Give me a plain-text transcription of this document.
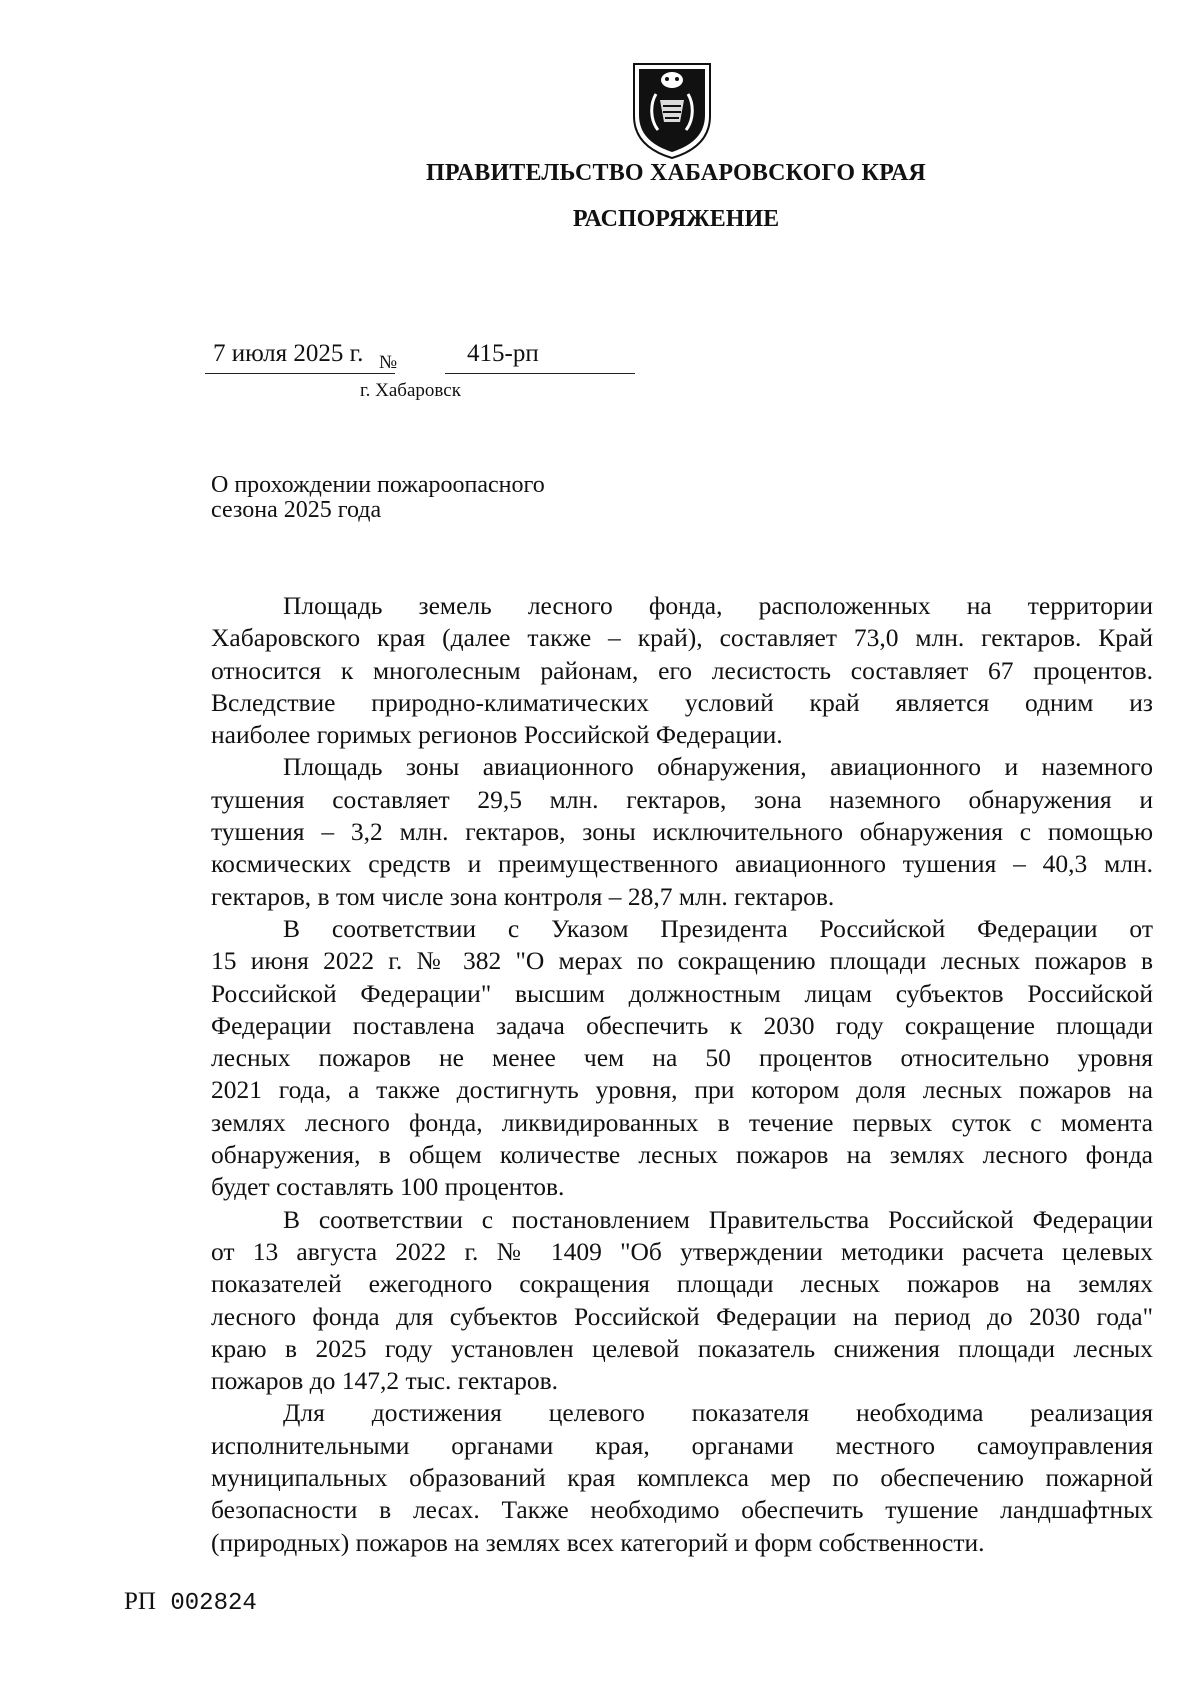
ПРАВИТЕЛЬСТВО ХАБАРОВСКОГО КРАЯ
РАСПОРЯЖЕНИЕ
7 июля 2025 г. №	415-рп
г. Хабаровск
О прохождении пожароопасного
сезона 2025 года
Площадь земель лесного фонда, расположенных на территории
Хабаровского края (далее также – край), составляет 73,0 млн. гектаров. Край
относится к многолесным районам, его лесистость составляет 67 процентов.
Вследствие природно-климатических условий край является одним из
наиболее горимых регионов Российской Федерации.
Площадь зоны авиационного обнаружения, авиационного и наземного
тушения составляет 29,5 млн. гектаров, зона наземного обнаружения и
тушения – 3,2 млн. гектаров, зоны исключительного обнаружения с помощью
космических средств и преимущественного авиационного тушения – 40,3 млн.
гектаров, в том числе зона контроля – 28,7 млн. гектаров.
В соответствии с Указом Президента Российской Федерации от
15 июня 2022 г. № 382 "О мерах по сокращению площади лесных пожаров в
Российской Федерации" высшим должностным лицам субъектов Российской
Федерации поставлена задача обеспечить к 2030 году сокращение площади
лесных пожаров не менее чем на 50 процентов относительно уровня
2021 года, а также достигнуть уровня, при котором доля лесных пожаров на
землях лесного фонда, ликвидированных в течение первых суток с момента
обнаружения, в общем количестве лесных пожаров на землях лесного фонда
будет составлять 100 процентов.
В соответствии с постановлением Правительства Российской Федерации
от 13 августа 2022 г. № 1409 "Об утверждении методики расчета целевых
показателей ежегодного сокращения площади лесных пожаров на землях
лесного фонда для субъектов Российской Федерации на период до 2030 года"
краю в 2025 году установлен целевой показатель снижения площади лесных
пожаров до 147,2 тыс. гектаров.
Для достижения целевого показателя необходима реализация
исполнительными органами края, органами местного самоуправления
муниципальных образований края комплекса мер по обеспечению пожарной
безопасности в лесах. Также необходимо обеспечить тушение ландшафтных
(природных) пожаров на землях всех категорий и форм собственности.
РП 002824
